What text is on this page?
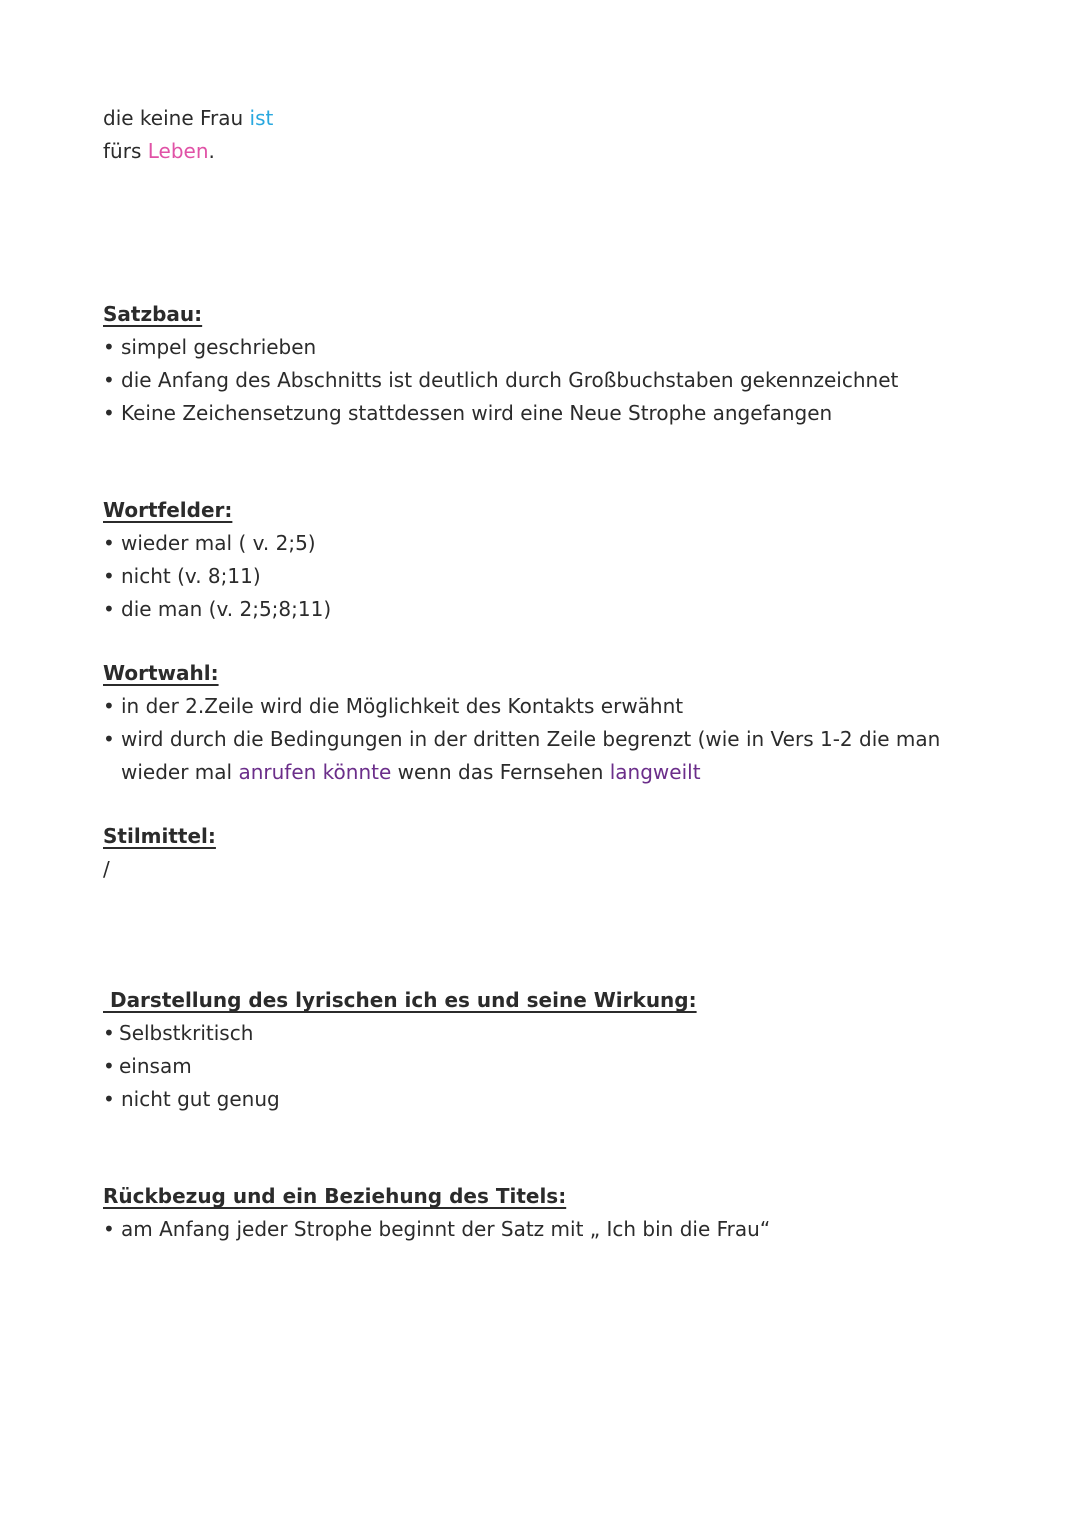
die keine Frau ist
fürs Leben.
Satzbau:
• simpel geschrieben
• die Anfang des Abschnitts ist deutlich durch Großbuchstaben gekennzeichnet
• Keine Zeichensetzung stattdessen wird eine Neue Strophe angefangen
Wortfelder:
• wieder mal ( v. 2;5)
• nicht (v. 8;11)
• die man (v. 2;5;8;11)
Wortwahl:
• in der 2.Zeile wird die Möglichkeit des Kontakts erwähnt
• wird durch die Bedingungen in der dritten Zeile begrenzt (wie in Vers 1-2 die man
wieder mal anrufen könnte wenn das Fernsehen langweilt
Stilmittel:
/
Darstellung des lyrischen ich es und seine Wirkung:
• Selbstkritisch
• einsam
• nicht gut genug
Rückbezug und ein Beziehung des Titels:
• am Anfang jeder Strophe beginnt der Satz mit „ Ich bin die Frau“
